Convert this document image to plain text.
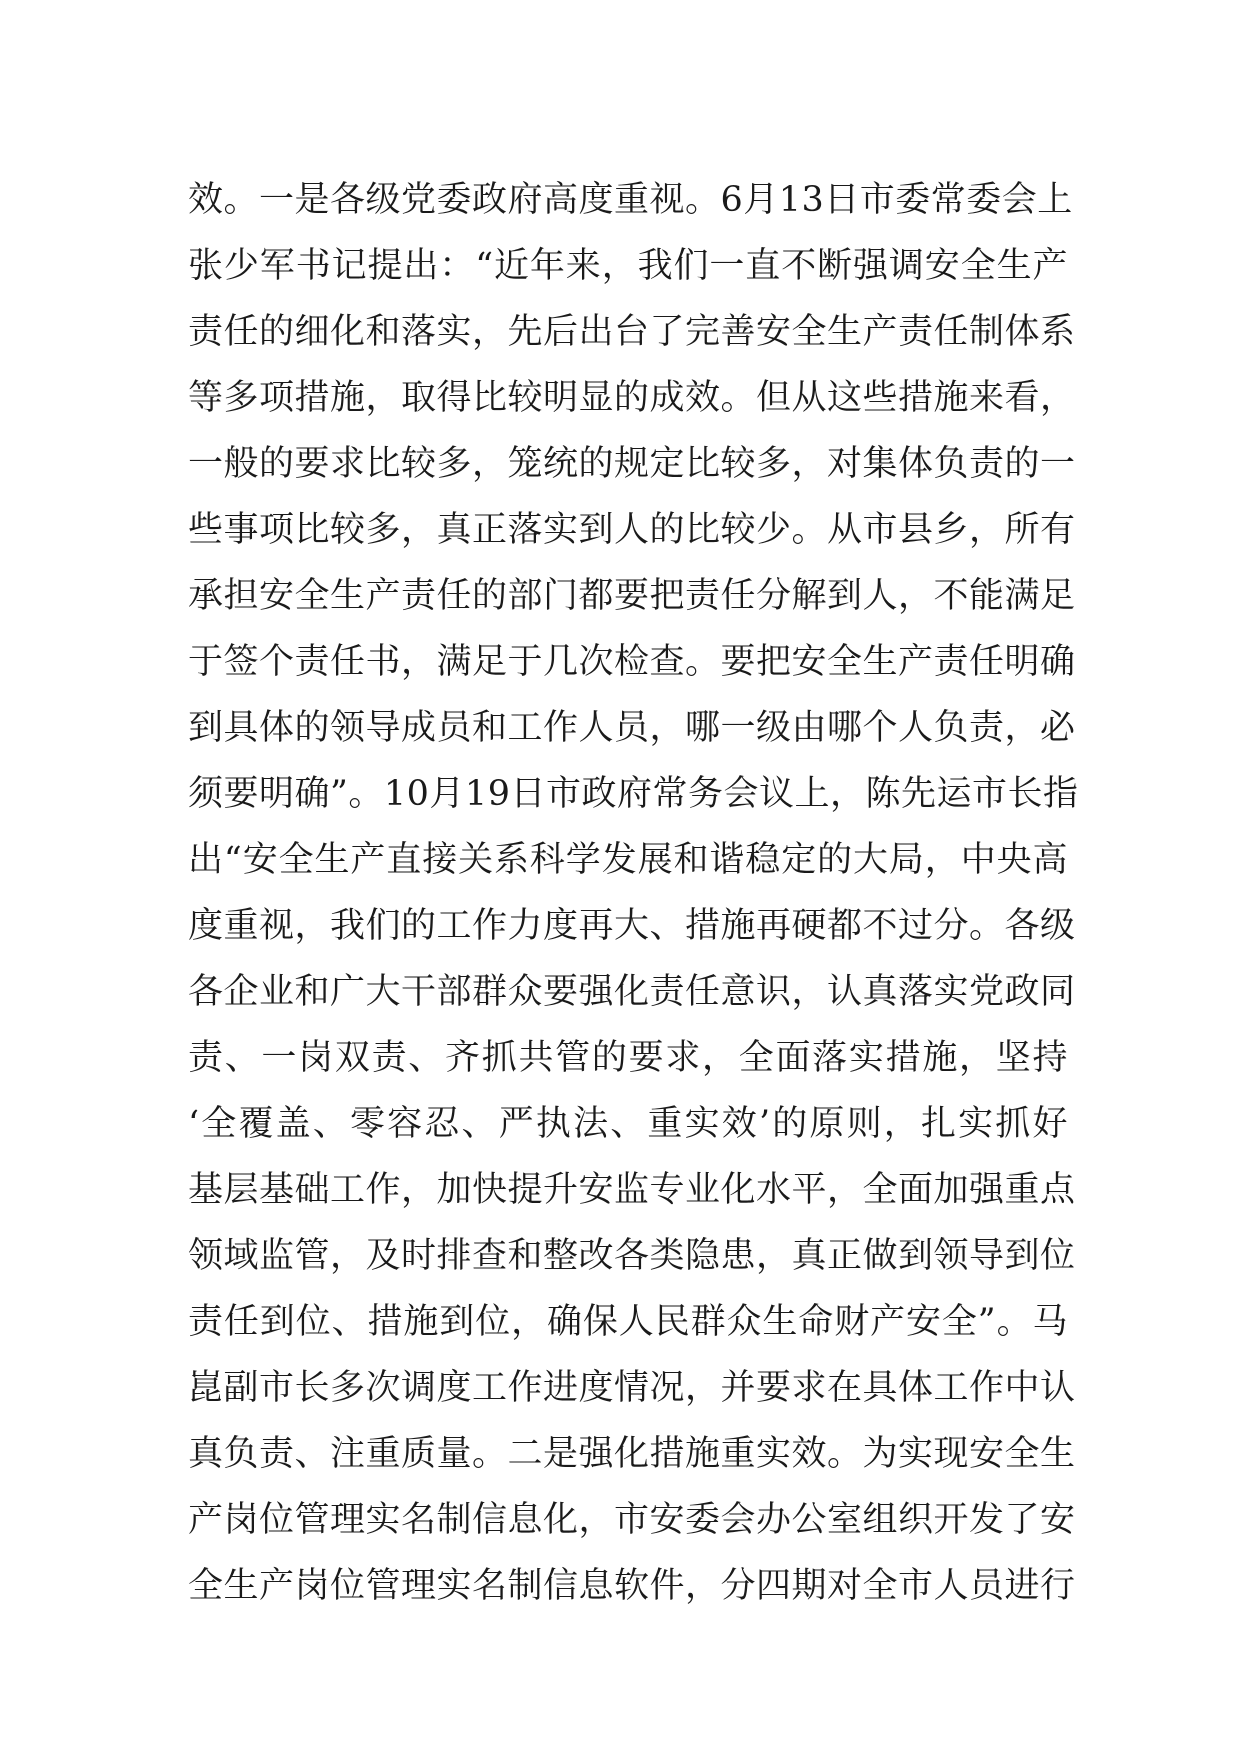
效。一是各级党委政府高度重视。6月13日市委常委会上
张少军书记提出：“近年来，我们一直不断强调安全生产
责任的细化和落实，先后出台了完善安全生产责任制体系
等多项措施，取得比较明显的成效。但从这些措施来看，
一般的要求比较多，笼统的规定比较多，对集体负责的一
些事项比较多，真正落实到人的比较少。从市县乡，所有
承担安全生产责任的部门都要把责任分解到人，不能满足
于签个责任书，满足于几次检查。要把安全生产责任明确
到具体的领导成员和工作人员，哪一级由哪个人负责，必
须要明确”。10月19日市政府常务会议上，陈先运市长指
出“安全生产直接关系科学发展和谐稳定的大局，中央高
度重视，我们的工作力度再大、措施再硬都不过分。各级
各企业和广大干部群众要强化责任意识，认真落实党政同
责、一岗双责、齐抓共管的要求，全面落实措施，坚持
‘全覆盖、零容忍、严执法、重实效’的原则，扎实抓好
基层基础工作，加快提升安监专业化水平，全面加强重点
领域监管，及时排查和整改各类隐患，真正做到领导到位
责任到位、措施到位，确保人民群众生命财产安全”。马
崑副市长多次调度工作进度情况，并要求在具体工作中认
真负责、注重质量。二是强化措施重实效。为实现安全生
产岗位管理实名制信息化，市安委会办公室组织开发了安
全生产岗位管理实名制信息软件，分四期对全市人员进行
